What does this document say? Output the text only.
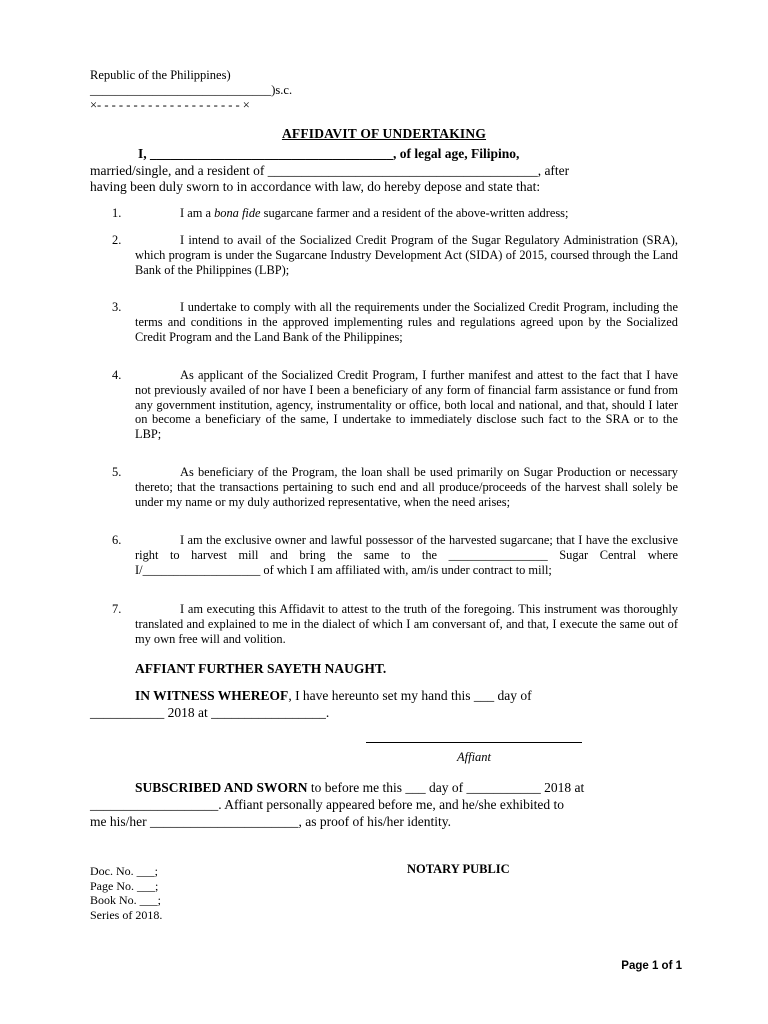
Republic of the Philippines)
_____________________________)s.c.
×- - - - - - - - - - - - - - - - - - - - ×
AFFIDAVIT OF UNDERTAKING
I, ____________________________________, of legal age, Filipino,
married/single, and a resident of ________________________________________, after
having been duly sworn to in accordance with law, do hereby depose and state that:
1.	I am a bona fide sugarcane farmer and a resident of the above-written address;
2.	I intend to avail of the Socialized Credit Program of the Sugar Regulatory Administration (SRA), which program is under the Sugarcane Industry Development Act (SIDA) of 2015, coursed through the Land Bank of the Philippines (LBP);
3.	I undertake to comply with all the requirements under the Socialized Credit Program, including the terms and conditions in the approved implementing rules and regulations agreed upon by the Socialized Credit Program and the Land Bank of the Philippines;
4.	As applicant of the Socialized Credit Program, I further manifest and attest to the fact that I have not previously availed of nor have I been a beneficiary of any form of financial farm assistance or fund from any government institution, agency, instrumentality or office, both local and national, and that, should I later on become a beneficiary of the same, I undertake to immediately disclose such fact to the SRA or to the LBP;
5.	As beneficiary of the Program, the loan shall be used primarily on Sugar Production or necessary thereto; that the transactions pertaining to such end and all produce/proceeds of the harvest shall solely be under my name or my duly authorized representative, when the need arises;
6.	I am the exclusive owner and lawful possessor of the harvested sugarcane; that I have the exclusive right to harvest mill and bring the same to the ________________ Sugar Central where I/___________________ of which I am affiliated with, am/is under contract to mill;
7.	I am executing this Affidavit to attest to the truth of the foregoing. This instrument was thoroughly translated and explained to me in the dialect of which I am conversant of, and that, I execute the same out of my own free will and volition.
AFFIANT FURTHER SAYETH NAUGHT.
IN WITNESS WHEREOF, I have hereunto set my hand this ___ day of
___________ 2018 at _________________.
Affiant
SUBSCRIBED AND SWORN to before me this ___ day of ___________ 2018 at
___________________. Affiant personally appeared before me, and he/she exhibited to
me his/her ______________________, as proof of his/her identity.
Doc. No. ___;
Page No. ___;
Book No. ___;
Series of 2018.
NOTARY PUBLIC
Page 1 of 1
